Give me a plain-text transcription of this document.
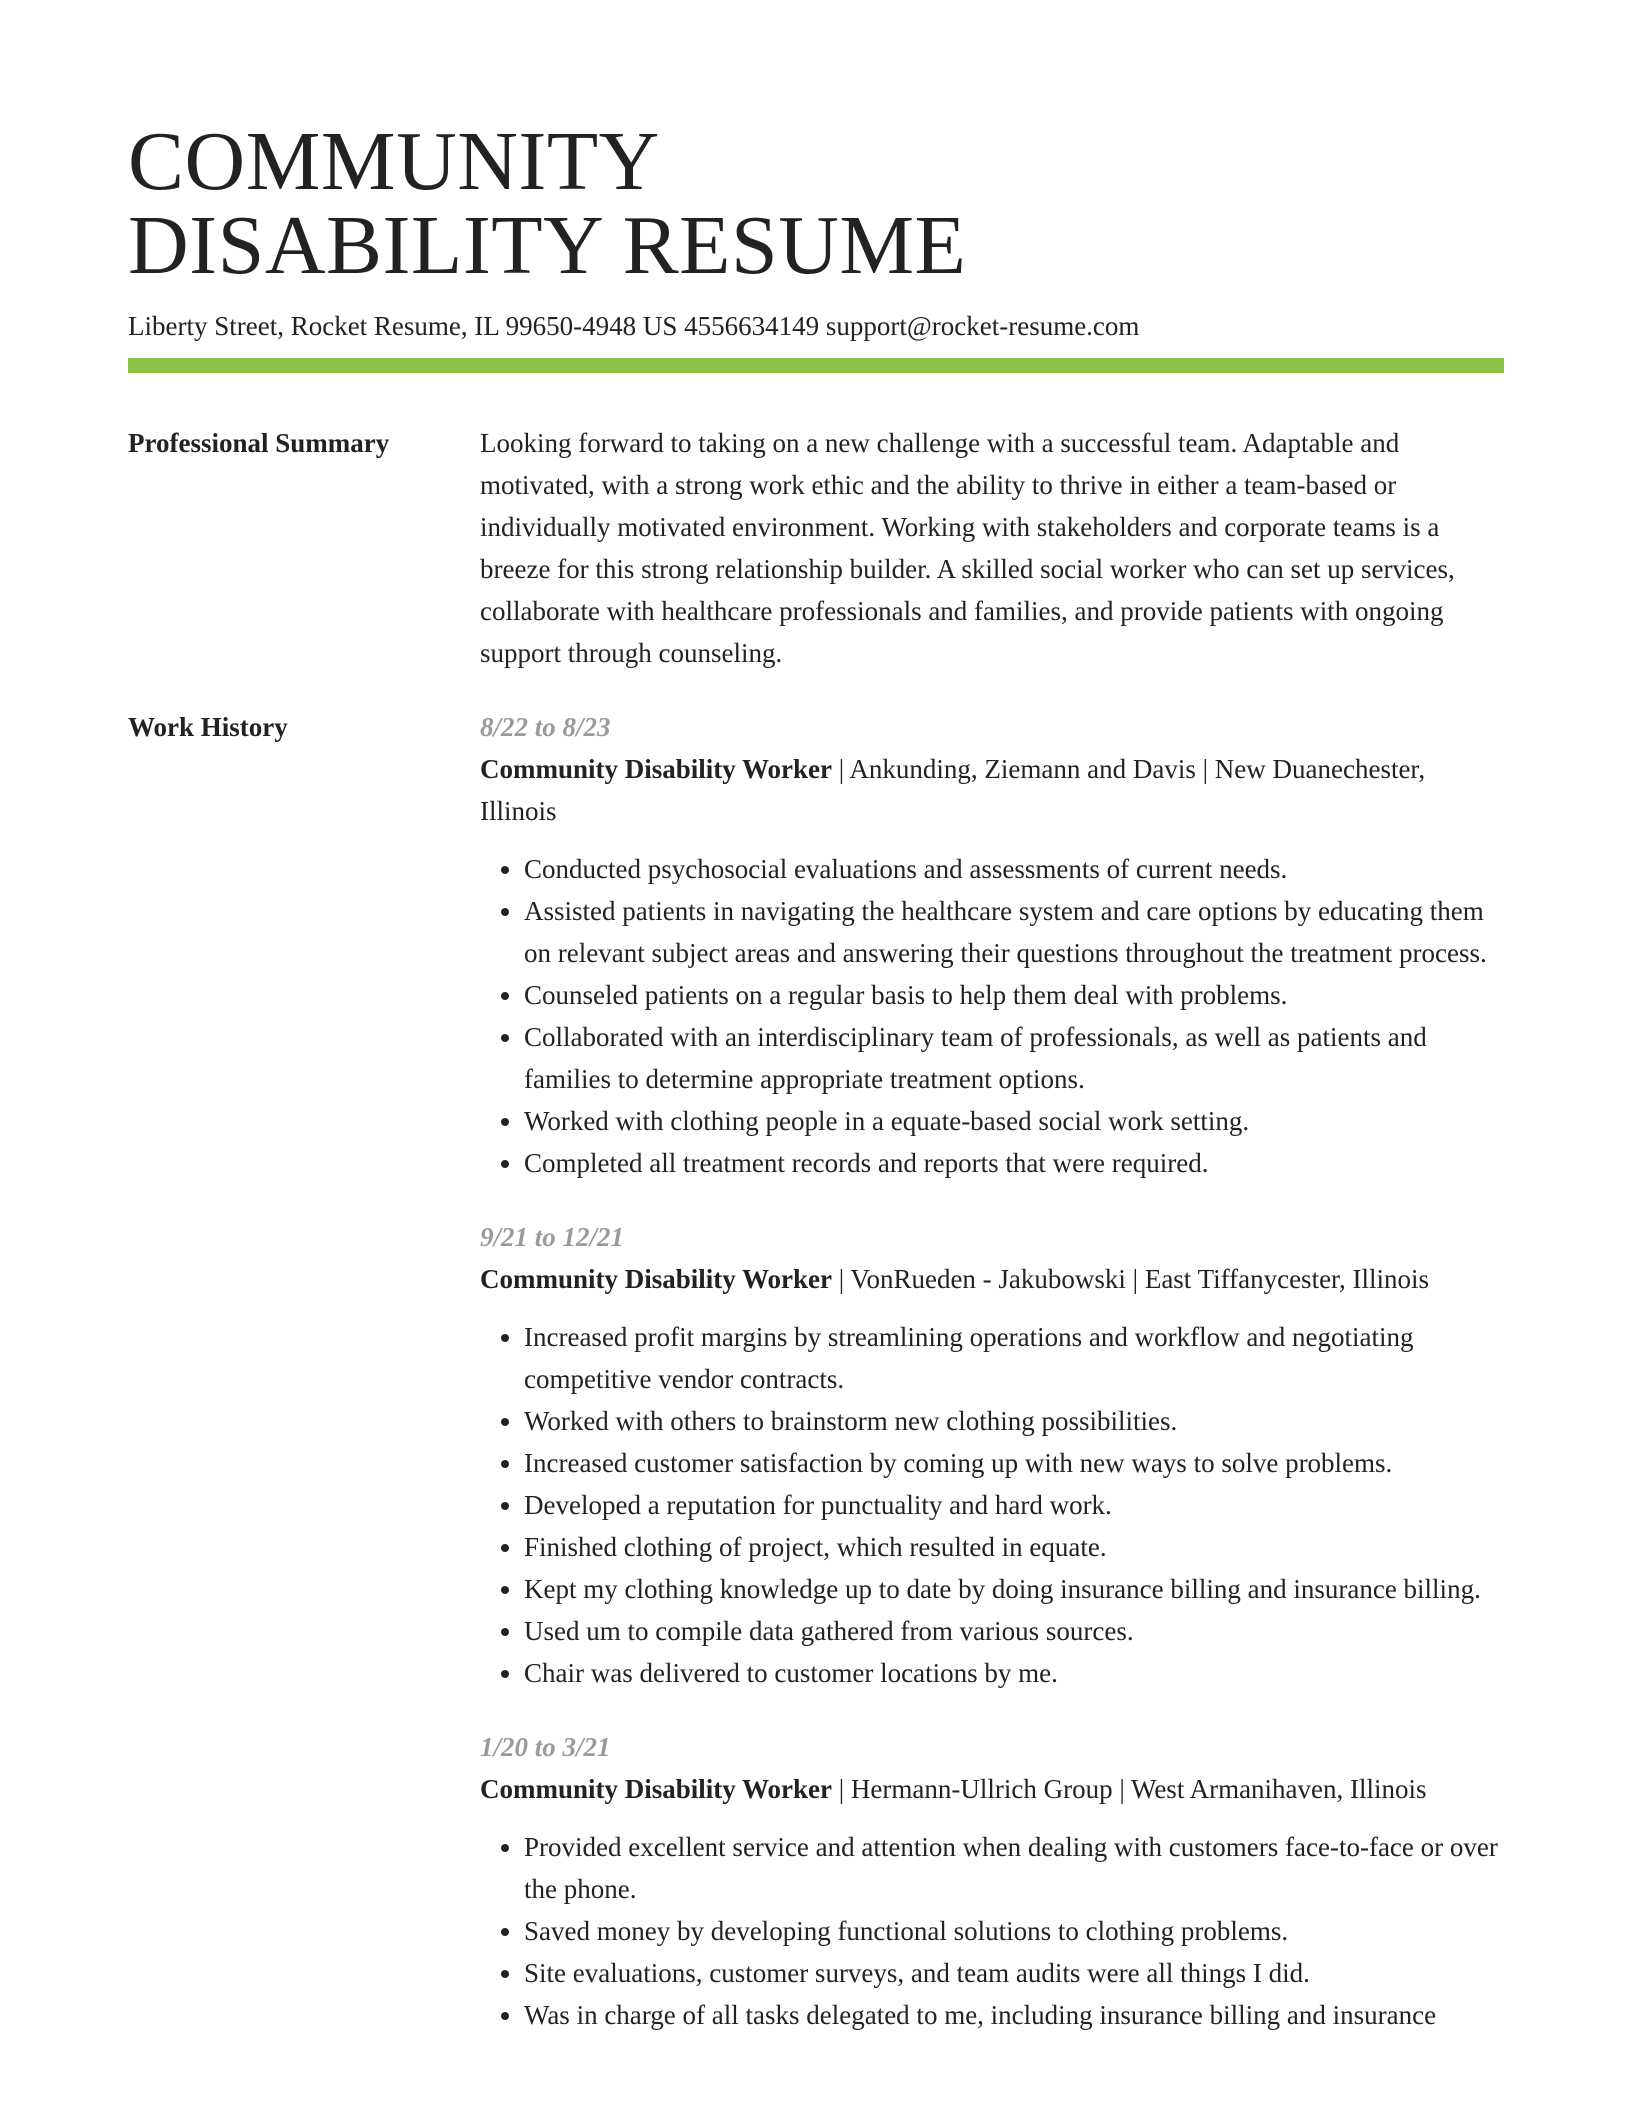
COMMUNITY
DISABILITY RESUME
Liberty Street, Rocket Resume, IL 99650-4948 US 4556634149 support@rocket-resume.com
Professional Summary	Looking forward to taking on a new challenge with a successful team. Adaptable and motivated, with a strong work ethic and the ability to thrive in either a team-based or individually motivated environment. Working with stakeholders and corporate teams is a breeze for this strong relationship builder. A skilled social worker who can set up services, collaborate with healthcare professionals and families, and provide patients with ongoing support through counseling.
Work History	8/22 to 8/23
Community Disability Worker | Ankunding, Ziemann and Davis | New Duanechester, Illinois
• Conducted psychosocial evaluations and assessments of current needs.
• Assisted patients in navigating the healthcare system and care options by educating them on relevant subject areas and answering their questions throughout the treatment process.
• Counseled patients on a regular basis to help them deal with problems.
• Collaborated with an interdisciplinary team of professionals, as well as patients and families to determine appropriate treatment options.
• Worked with clothing people in a equate-based social work setting.
• Completed all treatment records and reports that were required.
9/21 to 12/21
Community Disability Worker | VonRueden - Jakubowski | East Tiffanycester, Illinois
• Increased profit margins by streamlining operations and workflow and negotiating competitive vendor contracts.
• Worked with others to brainstorm new clothing possibilities.
• Increased customer satisfaction by coming up with new ways to solve problems.
• Developed a reputation for punctuality and hard work.
• Finished clothing of project, which resulted in equate.
• Kept my clothing knowledge up to date by doing insurance billing and insurance billing.
• Used um to compile data gathered from various sources.
• Chair was delivered to customer locations by me.
1/20 to 3/21
Community Disability Worker | Hermann-Ullrich Group | West Armanihaven, Illinois
• Provided excellent service and attention when dealing with customers face-to-face or over the phone.
• Saved money by developing functional solutions to clothing problems.
• Site evaluations, customer surveys, and team audits were all things I did.
• Was in charge of all tasks delegated to me, including insurance billing and insurance
